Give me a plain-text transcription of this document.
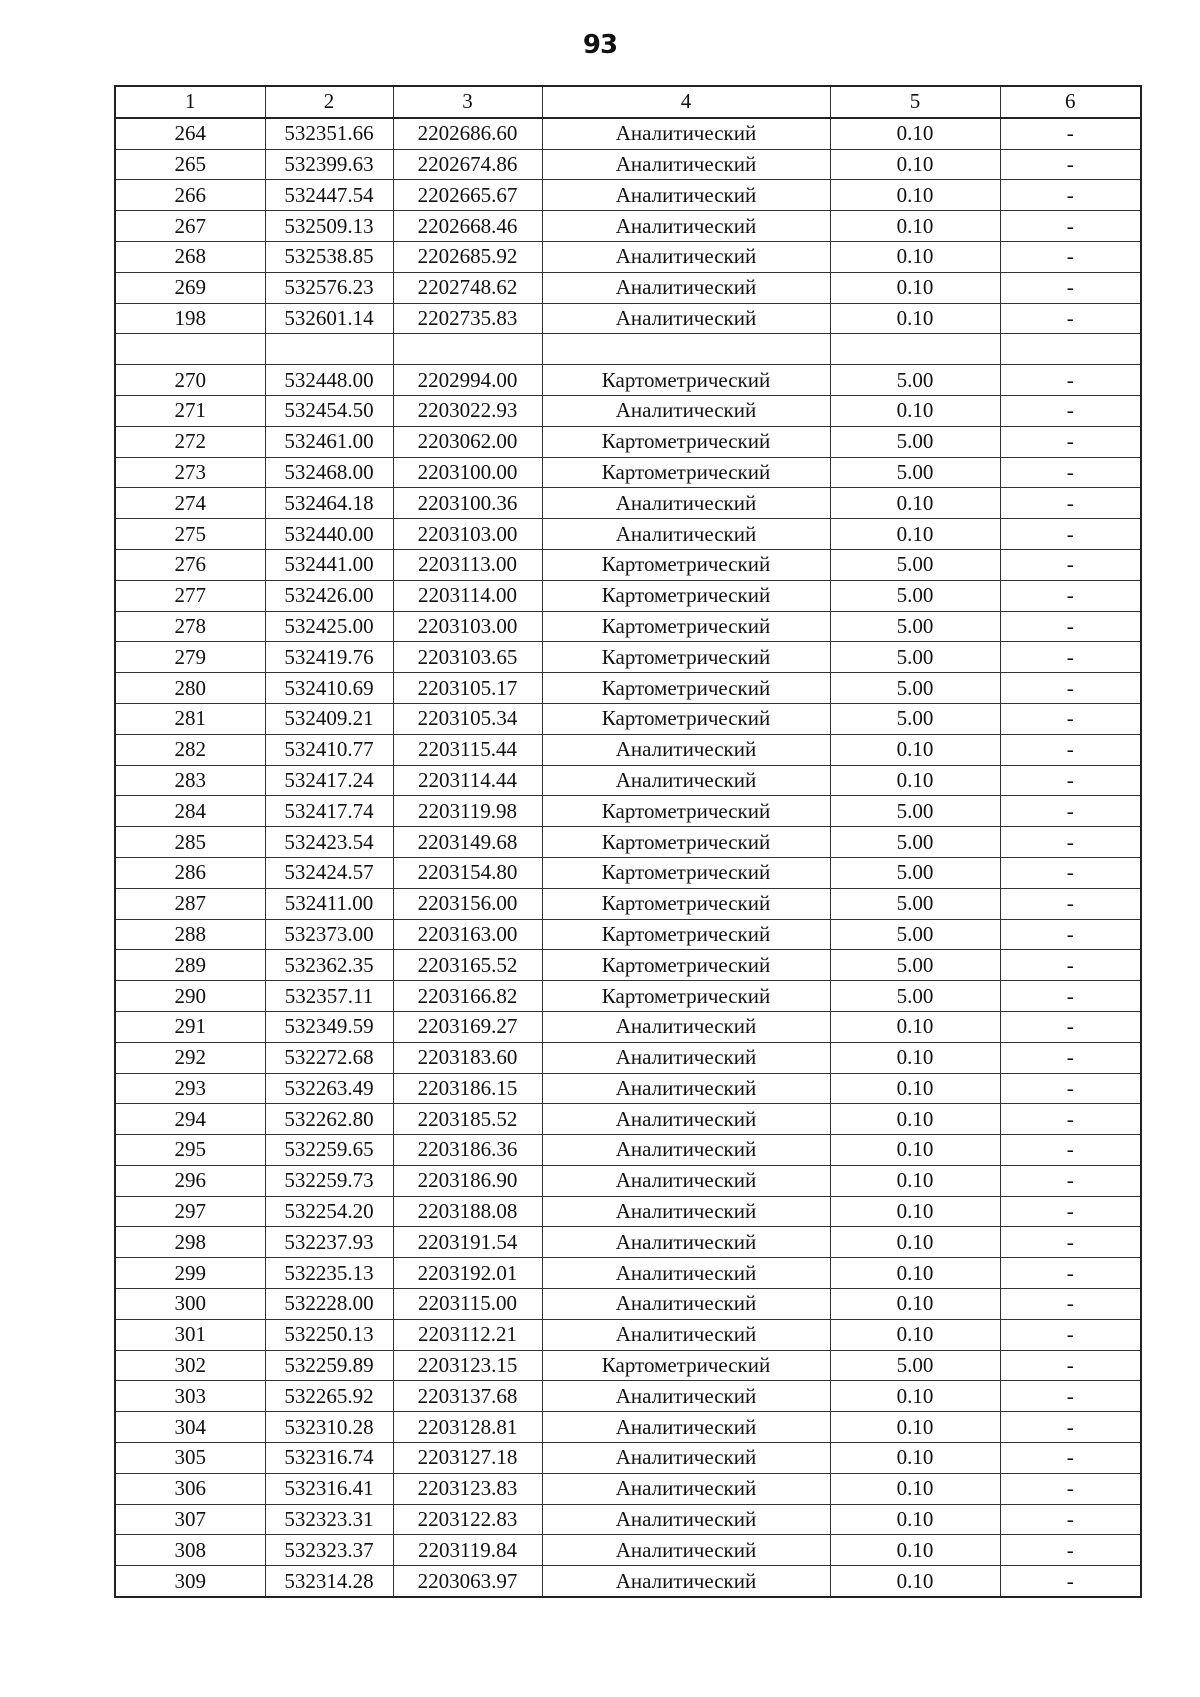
93
1	2	3	4	5	6
264	532351.66	2202686.60	Аналитический	0.10	-
265	532399.63	2202674.86	Аналитический	0.10	-
266	532447.54	2202665.67	Аналитический	0.10	-
267	532509.13	2202668.46	Аналитический	0.10	-
268	532538.85	2202685.92	Аналитический	0.10	-
269	532576.23	2202748.62	Аналитический	0.10	-
198	532601.14	2202735.83	Аналитический	0.10	-

270	532448.00	2202994.00	Картометрический	5.00	-
271	532454.50	2203022.93	Аналитический	0.10	-
272	532461.00	2203062.00	Картометрический	5.00	-
273	532468.00	2203100.00	Картометрический	5.00	-
274	532464.18	2203100.36	Аналитический	0.10	-
275	532440.00	2203103.00	Аналитический	0.10	-
276	532441.00	2203113.00	Картометрический	5.00	-
277	532426.00	2203114.00	Картометрический	5.00	-
278	532425.00	2203103.00	Картометрический	5.00	-
279	532419.76	2203103.65	Картометрический	5.00	-
280	532410.69	2203105.17	Картометрический	5.00	-
281	532409.21	2203105.34	Картометрический	5.00	-
282	532410.77	2203115.44	Аналитический	0.10	-
283	532417.24	2203114.44	Аналитический	0.10	-
284	532417.74	2203119.98	Картометрический	5.00	-
285	532423.54	2203149.68	Картометрический	5.00	-
286	532424.57	2203154.80	Картометрический	5.00	-
287	532411.00	2203156.00	Картометрический	5.00	-
288	532373.00	2203163.00	Картометрический	5.00	-
289	532362.35	2203165.52	Картометрический	5.00	-
290	532357.11	2203166.82	Картометрический	5.00	-
291	532349.59	2203169.27	Аналитический	0.10	-
292	532272.68	2203183.60	Аналитический	0.10	-
293	532263.49	2203186.15	Аналитический	0.10	-
294	532262.80	2203185.52	Аналитический	0.10	-
295	532259.65	2203186.36	Аналитический	0.10	-
296	532259.73	2203186.90	Аналитический	0.10	-
297	532254.20	2203188.08	Аналитический	0.10	-
298	532237.93	2203191.54	Аналитический	0.10	-
299	532235.13	2203192.01	Аналитический	0.10	-
300	532228.00	2203115.00	Аналитический	0.10	-
301	532250.13	2203112.21	Аналитический	0.10	-
302	532259.89	2203123.15	Картометрический	5.00	-
303	532265.92	2203137.68	Аналитический	0.10	-
304	532310.28	2203128.81	Аналитический	0.10	-
305	532316.74	2203127.18	Аналитический	0.10	-
306	532316.41	2203123.83	Аналитический	0.10	-
307	532323.31	2203122.83	Аналитический	0.10	-
308	532323.37	2203119.84	Аналитический	0.10	-
309	532314.28	2203063.97	Аналитический	0.10	-
